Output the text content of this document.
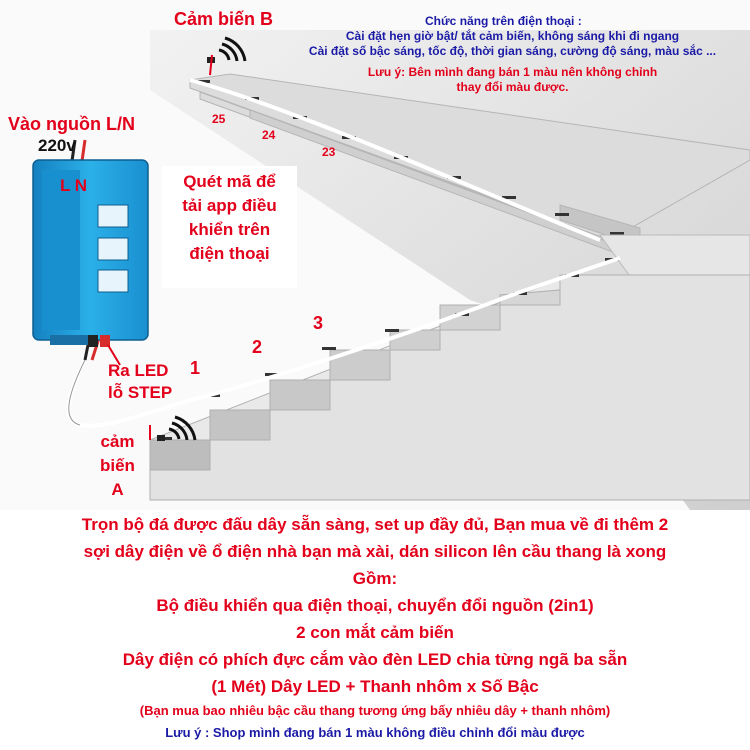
Cảm biến B	Chức năng trên điện thoại :
Cài đặt hẹn giờ bật/ tắt cảm biến, không sáng khi đi ngang
Cài đặt số bậc sáng, tốc độ, thời gian sáng, cường độ sáng, màu sắc ...
Lưu ý: Bên mình đang bán 1 màu nên không chỉnh
thay đổi màu được.
Vào nguồn L/N
220v
L N
25
24
23
Quét mã để
tải app điều
khiển trên
điện thoại
3
2
1
Ra LED
lỗ STEP
cảm
biến
A
Trọn bộ đá được đấu dây sẵn sàng, set up đầy đủ, Bạn mua về đi thêm 2
sợi dây điện về ổ điện nhà bạn mà xài, dán silicon lên cầu thang là xong
Gồm:
Bộ điều khiển qua điện thoại, chuyển đổi nguồn (2in1)
2 con mắt cảm biến
Dây điện có phích đực cắm vào đèn LED chia từng ngã ba sẵn
(1 Mét) Dây LED + Thanh nhôm x Số Bậc
(Bạn mua bao nhiêu bậc cầu thang tương ứng bấy nhiêu dây + thanh nhôm)
Lưu ý : Shop mình đang bán 1 màu không điều chỉnh đổi màu được
